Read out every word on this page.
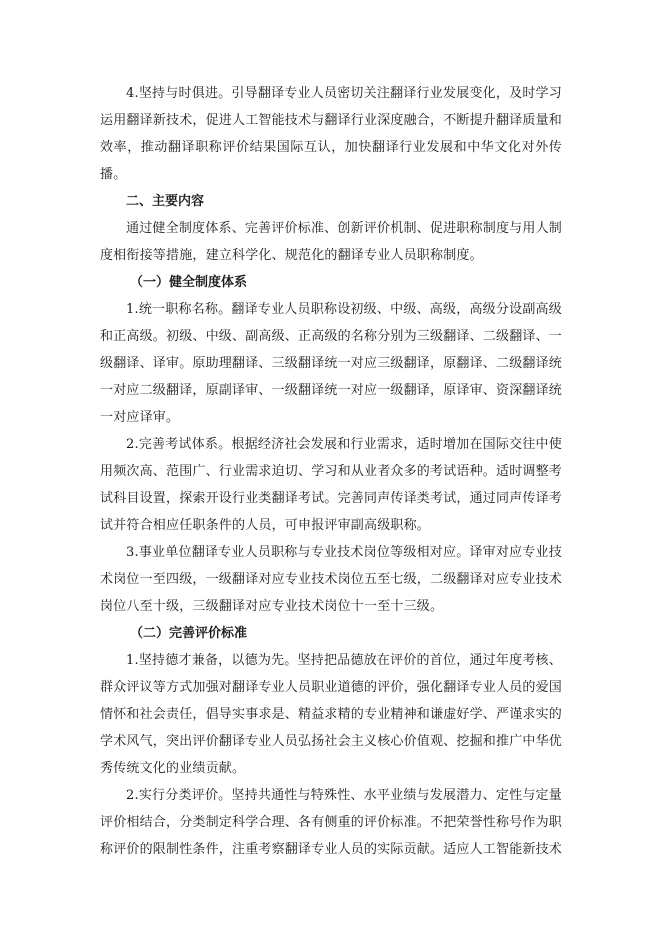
4.坚持与时俱进。引导翻译专业人员密切关注翻译行业发展变化，及时学习运用翻译新技术，促进人工智能技术与翻译行业深度融合，不断提升翻译质量和效率，推动翻译职称评价结果国际互认，加快翻译行业发展和中华文化对外传播。

二、主要内容

通过健全制度体系、完善评价标准、创新评价机制、促进职称制度与用人制度相衔接等措施，建立科学化、规范化的翻译专业人员职称制度。

（一）健全制度体系

1.统一职称名称。翻译专业人员职称设初级、中级、高级，高级分设副高级和正高级。初级、中级、副高级、正高级的名称分别为三级翻译、二级翻译、一级翻译、译审。原助理翻译、三级翻译统一对应三级翻译，原翻译、二级翻译统一对应二级翻译，原副译审、一级翻译统一对应一级翻译，原译审、资深翻译统一对应译审。

2.完善考试体系。根据经济社会发展和行业需求，适时增加在国际交往中使用频次高、范围广、行业需求迫切、学习和从业者众多的考试语种。适时调整考试科目设置，探索开设行业类翻译考试。完善同声传译类考试，通过同声传译考试并符合相应任职条件的人员，可申报评审副高级职称。

3.事业单位翻译专业人员职称与专业技术岗位等级相对应。译审对应专业技术岗位一至四级，一级翻译对应专业技术岗位五至七级，二级翻译对应专业技术岗位八至十级，三级翻译对应专业技术岗位十一至十三级。

（二）完善评价标准

1.坚持德才兼备，以德为先。坚持把品德放在评价的首位，通过年度考核、群众评议等方式加强对翻译专业人员职业道德的评价，强化翻译专业人员的爱国情怀和社会责任，倡导实事求是、精益求精的专业精神和谦虚好学、严谨求实的学术风气，突出评价翻译专业人员弘扬社会主义核心价值观、挖掘和推广中华优秀传统文化的业绩贡献。

2.实行分类评价。坚持共通性与特殊性、水平业绩与发展潜力、定性与定量评价相结合，分类制定科学合理、各有侧重的评价标准。不把荣誉性称号作为职称评价的限制性条件，注重考察翻译专业人员的实际贡献。适应人工智能新技术
